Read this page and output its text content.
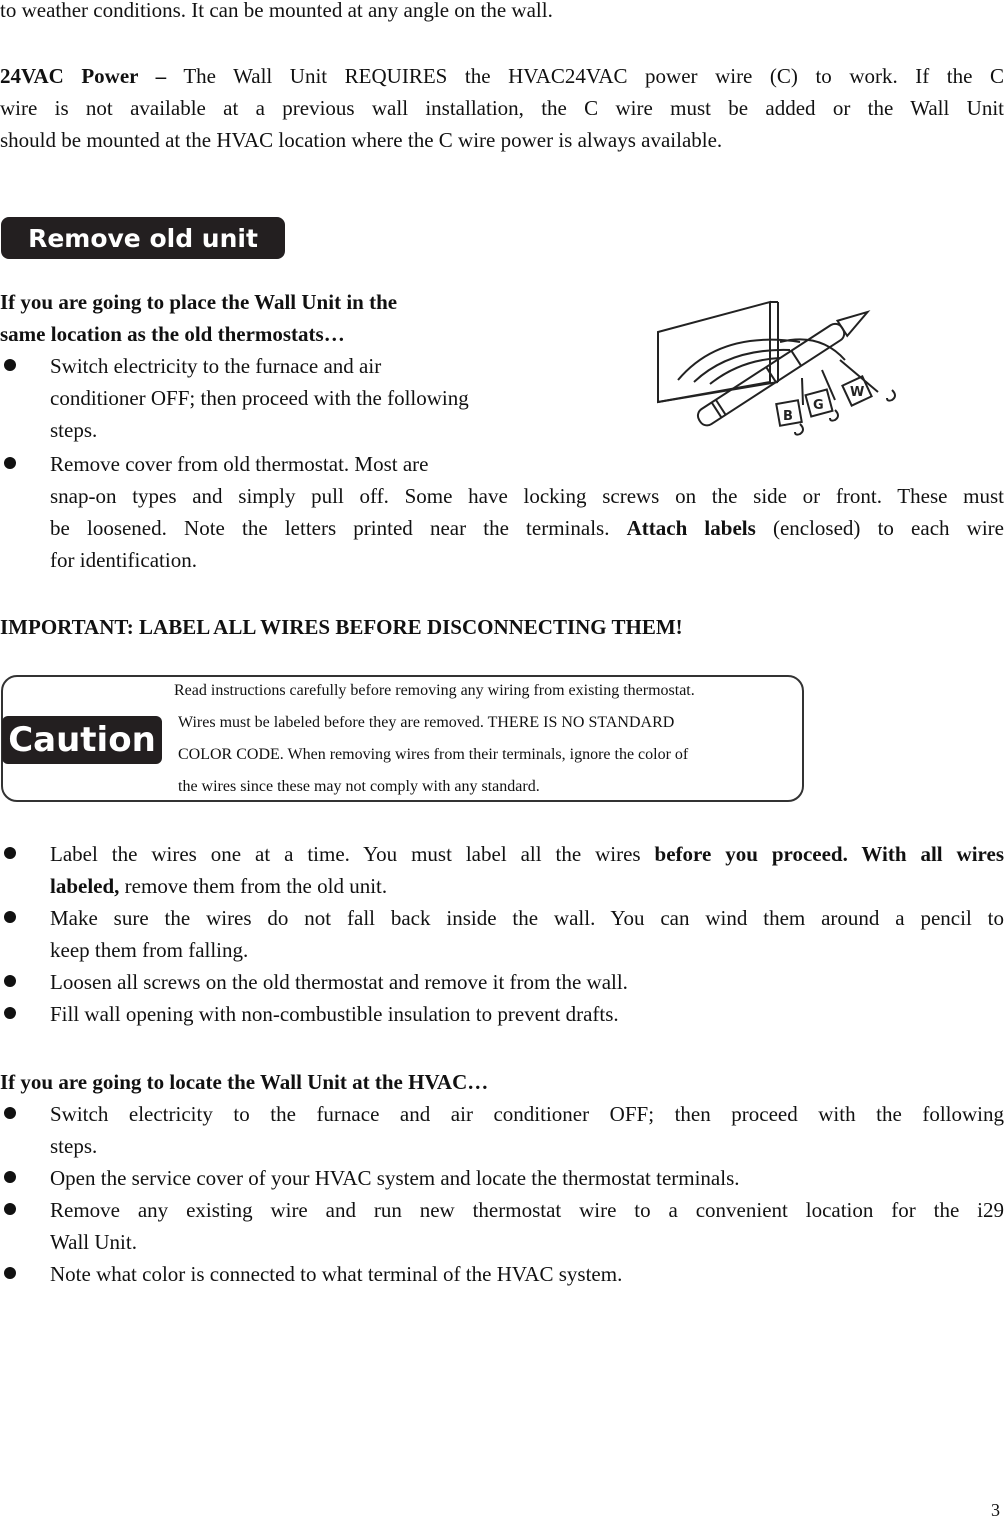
to weather conditions. It can be mounted at any angle on the wall.
24VAC Power – The Wall Unit REQUIRES the HVAC24VAC power wire (C) to work. If the C
wire is not available at a previous wall installation, the C wire must be added or the Wall Unit
should be mounted at the HVAC location where the C wire power is always available.
Remove old unit
If you are going to place the Wall Unit in the
same location as the old thermostats…
Switch electricity to the furnace and air
conditioner OFF; then proceed with the following
steps.
Remove cover from old thermostat. Most are
snap-on types and simply pull off. Some have locking screws on the side or front. These must
be loosened. Note the letters printed near the terminals. Attach labels (enclosed) to each wire
for identification.
B
G
W
IMPORTANT: LABEL ALL WIRES BEFORE DISCONNECTING THEM!
Caution
Read instructions carefully before removing any wiring from existing thermostat.
Wires must be labeled before they are removed. THERE IS NO STANDARD
COLOR CODE. When removing wires from their terminals, ignore the color of
the wires since these may not comply with any standard.
Label the wires one at a time. You must label all the wires before you proceed. With all wires
labeled, remove them from the old unit.
Make sure the wires do not fall back inside the wall. You can wind them around a pencil to
keep them from falling.
Loosen all screws on the old thermostat and remove it from the wall.
Fill wall opening with non-combustible insulation to prevent drafts.
If you are going to locate the Wall Unit at the HVAC…
Switch electricity to the furnace and air conditioner OFF; then proceed with the following
steps.
Open the service cover of your HVAC system and locate the thermostat terminals.
Remove any existing wire and run new thermostat wire to a convenient location for the i29
Wall Unit.
Note what color is connected to what terminal of the HVAC system.
3
